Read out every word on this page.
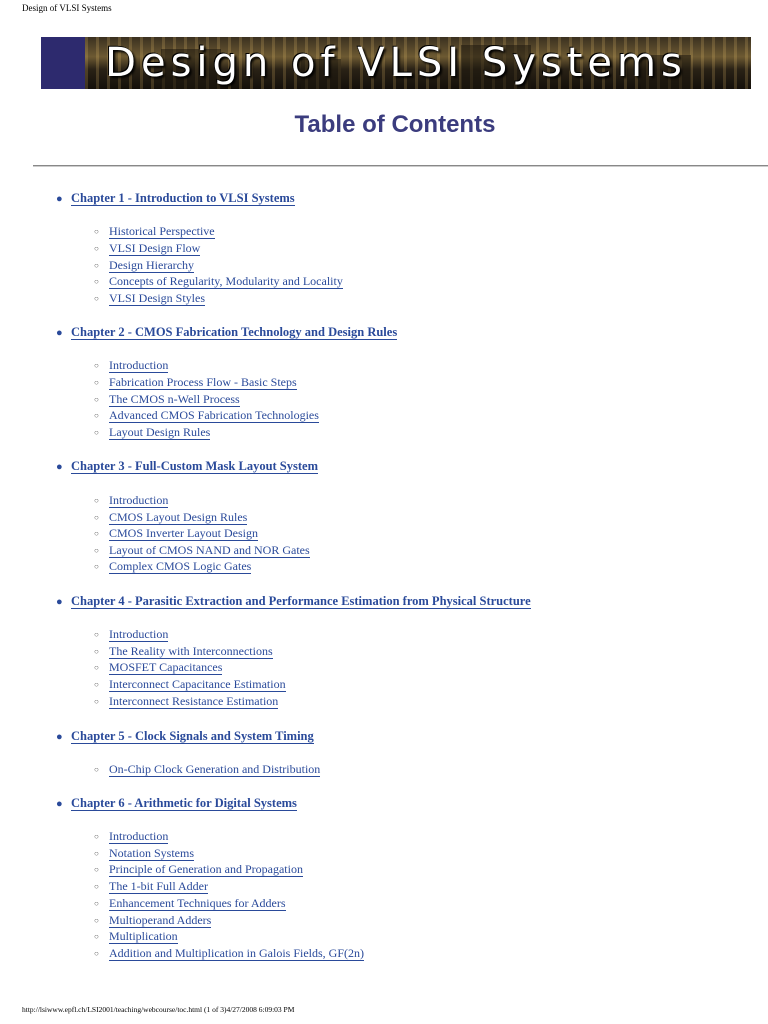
Design of VLSI Systems
Design of VLSI Systems
Table of Contents
● Chapter 1 - Introduction to VLSI Systems
○ Historical Perspective
○ VLSI Design Flow
○ Design Hierarchy
○ Concepts of Regularity, Modularity and Locality
○ VLSI Design Styles
● Chapter 2 - CMOS Fabrication Technology and Design Rules
○ Introduction
○ Fabrication Process Flow - Basic Steps
○ The CMOS n-Well Process
○ Advanced CMOS Fabrication Technologies
○ Layout Design Rules
● Chapter 3 - Full-Custom Mask Layout System
○ Introduction
○ CMOS Layout Design Rules
○ CMOS Inverter Layout Design
○ Layout of CMOS NAND and NOR Gates
○ Complex CMOS Logic Gates
● Chapter 4 - Parasitic Extraction and Performance Estimation from Physical Structure
○ Introduction
○ The Reality with Interconnections
○ MOSFET Capacitances
○ Interconnect Capacitance Estimation
○ Interconnect Resistance Estimation
● Chapter 5 - Clock Signals and System Timing
○ On-Chip Clock Generation and Distribution
● Chapter 6 - Arithmetic for Digital Systems
○ Introduction
○ Notation Systems
○ Principle of Generation and Propagation
○ The 1-bit Full Adder
○ Enhancement Techniques for Adders
○ Multioperand Adders
○ Multiplication
○ Addition and Multiplication in Galois Fields, GF(2n)
http://lsiwww.epfl.ch/LSI2001/teaching/webcourse/toc.html (1 of 3)4/27/2008 6:09:03 PM
